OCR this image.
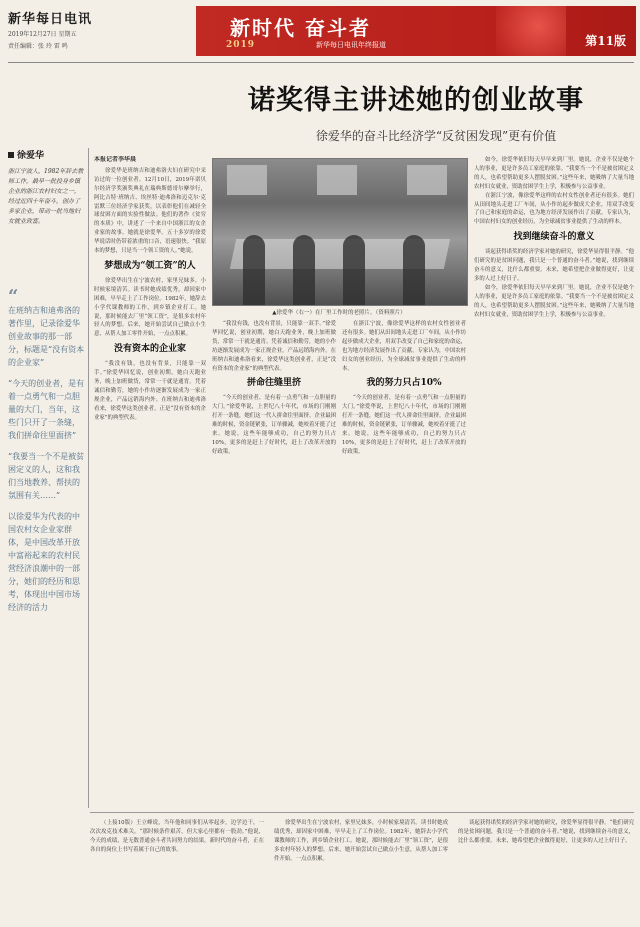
新华每日电讯
2019年12月27日 星期五
责任编辑：张 玲 雷 鸣
新时代 奋斗者
2019	新华每日电讯年终报道	第11版
诺奖得主讲述她的创业故事
徐爱华的奋斗比经济学“反贫困发现”更有价值
徐爱华
浙江宁波人，1982年辞去教师工作，最早一批投身乡镇企业的浙江农村妇女之一，经过近四十年奋斗，创办了多家企业，带动一批当地妇女就业致富。
“
在班纳吉和迪弗洛的著作里，记录徐爱华创业故事的那一部分，标题是“没有资本的企业家”
“今天的创业者，是有着一点勇气和一点胆量的大门，当年，这些门只开了一条缝，我们拼命往里面挤”
“我要当一个不是被贫困定义的人，这和我们当地教养、帮扶的氛围有关……”
以徐爱华为代表的中国农村女企业家群体，是中国改革开放中富裕起来的农村民营经济浪潮中的一部分，她们的经历和思考，体现出中国市场经济的活力
本报记者李华晨

徐爱华是班纳吉和迪弗洛夫妇在研究中采访过的一位创业者。12月10日，2019年诺贝尔经济学奖颁奖典礼在瑞典斯德哥尔摩举行，阿比吉特·班纳吉、埃丝特·迪弗洛和迈克尔·克雷默三位经济学家获奖，以表彰他们在减轻全球贫困方面的实验性做法。他们的著作《贫穷的本质》中，讲述了一个来自中国浙江的女企业家的故事。她就是徐爱华。五十多岁的徐爱华说话时仍带着浓重的口音，语速很快。“我原本的梦想，只是当一个领工资的人。”她说。

梦想成为“领工资”的人

徐爱华出生在宁波农村，家里兄妹多，小时候家境清苦。读书时她成绩优秀，却因家中困难，早早走上了工作岗位。1982年，她辞去小学代课教师的工作，到乡镇企业打工。她说，那时候能去厂里“领工资”，是很多农村年轻人的梦想。后来，她开始尝试自己做点小生意，从帮人加工零件开始，一点点积累。

没有资本的企业家

“我没有钱，也没有背景，只能靠一双手。”徐爱华回忆说，创业初期，她白天跑业务，晚上加班做货，常常一干就是通宵。凭着诚信和勤劳，她的小作坊逐渐发展成为一家正规企业，产品远销海内外。在班纳吉和迪弗洛看来，徐爱华这类创业者，正是“没有资本的企业家”的典型代表。

▲徐爱华（右一）在厂里工作时的老照片。（资料照片）

“我没有钱，也没有背景，只能靠一双手。”徐爱华回忆说，创业初期，她白天跑业务，晚上加班做货，常常一干就是通宵。凭着诚信和勤劳，她的小作坊逐渐发展成为一家正规企业，产品远销海内外。在班纳吉和迪弗洛看来，徐爱华这类创业者，正是“没有资本的企业家”的典型代表。

拼命往缝里挤

“今天的创业者，是有着一点勇气和一点胆量的大门。”徐爱华说，上世纪八十年代，市场的门刚刚打开一条缝，她们这一代人拼命往里面挤。企业最困难的时候，资金链紧张，订单骤减，她咬着牙挺了过来。她说，这些年能够成功，自己的努力只占10%，更多的是赶上了好时代，赶上了改革开放的好政策。

在浙江宁波，像徐爱华这样的农村女性创业者还有很多。她们从田间地头走进工厂车间，从小作坊起步做成大企业，用双手改变了自己和家庭的命运，也为地方经济发展作出了贡献。专家认为，中国农村妇女的创业经历，为全球减贫事业提供了生动的样本。

我的努力只占10%

“今天的创业者，是有着一点勇气和一点胆量的大门。”徐爱华说，上世纪八十年代，市场的门刚刚打开一条缝，她们这一代人拼命往里面挤。企业最困难的时候，资金链紧张，订单骤减，她咬着牙挺了过来。她说，这些年能够成功，自己的努力只占10%，更多的是赶上了好时代，赶上了改革开放的好政策。

如今，徐爱华依旧每天早早来到厂里。她说，企业不仅是她个人的事业，更是许多员工家庭的依靠。“我要当一个不是被贫困定义的人，也希望帮助更多人摆脱贫困。”这些年来，她吸纳了大量当地农村妇女就业，资助贫困学生上学，积极参与公益事业。

在浙江宁波，像徐爱华这样的农村女性创业者还有很多。她们从田间地头走进工厂车间，从小作坊起步做成大企业，用双手改变了自己和家庭的命运，也为地方经济发展作出了贡献。专家认为，中国农村妇女的创业经历，为全球减贫事业提供了生动的样本。

找到继续奋斗的意义

谈起获得诺奖的经济学家对她的研究，徐爱华显得很平静。“他们研究的是贫困问题，我只是一个普通的奋斗者。”她说，找到继续奋斗的意义，比什么都重要。未来，她希望把企业做得更好，让更多的人过上好日子。

如今，徐爱华依旧每天早早来到厂里。她说，企业不仅是她个人的事业，更是许多员工家庭的依靠。“我要当一个不是被贫困定义的人，也希望帮助更多人摆脱贫困。”这些年来，她吸纳了大量当地农村妇女就业，资助贫困学生上学，积极参与公益事业。

（上接10版）王立峰说，当年他和同事们从零起步，边学边干，一次次攻克技术难关。“那时候条件艰苦，但大家心里都有一股劲。”他说，今天的成绩，是无数普通奋斗者共同努力的结果。新时代的奋斗者，正在各自的岗位上书写着属于自己的故事。

徐爱华出生在宁波农村，家里兄妹多，小时候家境清苦。读书时她成绩优秀，却因家中困难，早早走上了工作岗位。1982年，她辞去小学代课教师的工作，到乡镇企业打工。她说，那时候能去厂里“领工资”，是很多农村年轻人的梦想。后来，她开始尝试自己做点小生意，从帮人加工零件开始，一点点积累。

谈起获得诺奖的经济学家对她的研究，徐爱华显得很平静。“他们研究的是贫困问题，我只是一个普通的奋斗者。”她说，找到继续奋斗的意义，比什么都重要。未来，她希望把企业做得更好，让更多的人过上好日子。
